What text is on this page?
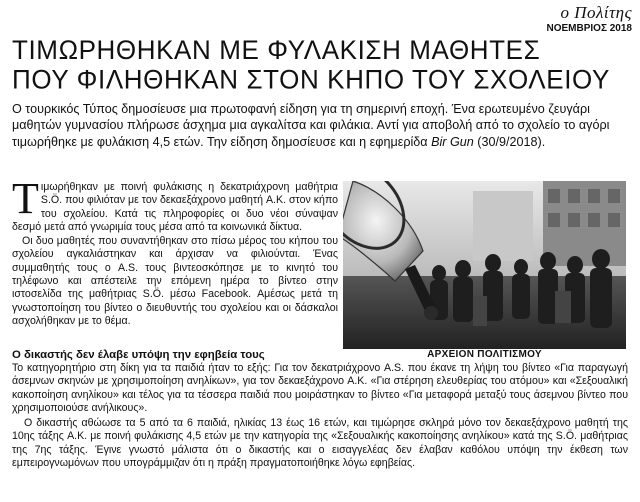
ο Πολίτης
ΝΟΕΜΒΡΙΟΣ 2018
ΤΙΜΩΡΗΘΗΚΑΝ ΜΕ ΦΥΛΑΚΙΣΗ ΜΑΘΗΤΕΣ
ΠΟΥ ΦΙΛΗΘΗΚΑΝ ΣΤΟΝ ΚΗΠΟ ΤΟΥ ΣΧΟΛΕΙΟΥ
Ο τουρκικός Τύπος δημοσίευσε μια πρωτοφανή είδηση για τη σημερινή εποχή. Ένα ερωτευμένο ζευγάρι μαθητών γυμνασίου πλήρωσε άσχημα μια αγκαλίτσα και φιλάκια. Αντί για αποβολή από το σχολείο το αγόρι τιμωρήθηκε με φυλάκιση 4,5 ετών. Την είδηση δημοσίευσε και η εφημερίδα Bir Gun (30/9/2018).

Τιμωρήθηκαν με ποινή φυλάκισης η δεκατριάχρονη μαθήτρια S.Ö. που φιλιόταν με τον δεκαεξάχρονο μαθητή A.K. στον κήπο του σχολείου. Κατά τις πληροφορίες οι δυο νέοι σύναψαν δεσμό μετά από γνωριμία τους μέσα από τα κοινωνικά δίκτυα.

Οι δυο μαθητές που συναντήθηκαν στο πίσω μέρος του κήπου του σχολείου αγκαλιάστηκαν και άρχισαν να φιλιούνται. Ένας συμμαθητής τους ο A.S. τους βιντεοσκόπησε με το κινητό του τηλέφωνο και απέστειλε την επόμενη ημέρα το βίντεο στην ιστοσελίδα της μαθήτριας S.Ö. μέσω Facebook. Αμέσως μετά τη γνωστοποίηση του βίντεο ο διευθυντής του σχολείου και οι δάσκαλοι ασχολήθηκαν με το θέμα.

ΑΡΧΕΙΟΝ ΠΟΛΙΤΙΣΜΟΥ
Ο δικαστής δεν έλαβε υπόψη την εφηβεία τους

Το κατηγορητήριο στη δίκη για τα παιδιά ήταν το εξής: Για τον δεκατριάχρονο A.S. που έκανε τη λήψη του βίντεο «Για παραγωγή άσεμνων σκηνών με χρησιμοποίηση ανηλίκων», για τον δεκαεξάχρονο A.K. «Για στέρηση ελευθερίας του ατόμου» και «Σεξουαλική κακοποίηση ανηλίκου» και τέλος για τα τέσσερα παιδιά που μοιράστηκαν το βίντεο «Για μεταφορά μεταξύ τους άσεμνου βίντεο που χρησιμοποιούσε ανήλικους».

Ο δικαστής αθώωσε τα 5 από τα 6 παιδιά, ηλικίας 13 έως 16 ετών, και τιμώρησε σκληρά μόνο τον δεκαεξάχρονο μαθητή της 10ης τάξης A.K. με ποινή φυλάκισης 4,5 ετών με την κατηγορία της «Σεξουαλικής κακοποίησης ανηλίκου» κατά της S.Ö. μαθήτριας της 7ης τάξης. Έγινε γνωστό μάλιστα ότι ο δικαστής και ο εισαγγελέας δεν έλαβαν καθόλου υπόψη την έκθεση των εμπειρογνωμόνων που υπογράμμιζαν ότι η πράξη πραγματοποιήθηκε λόγω εφηβείας.
